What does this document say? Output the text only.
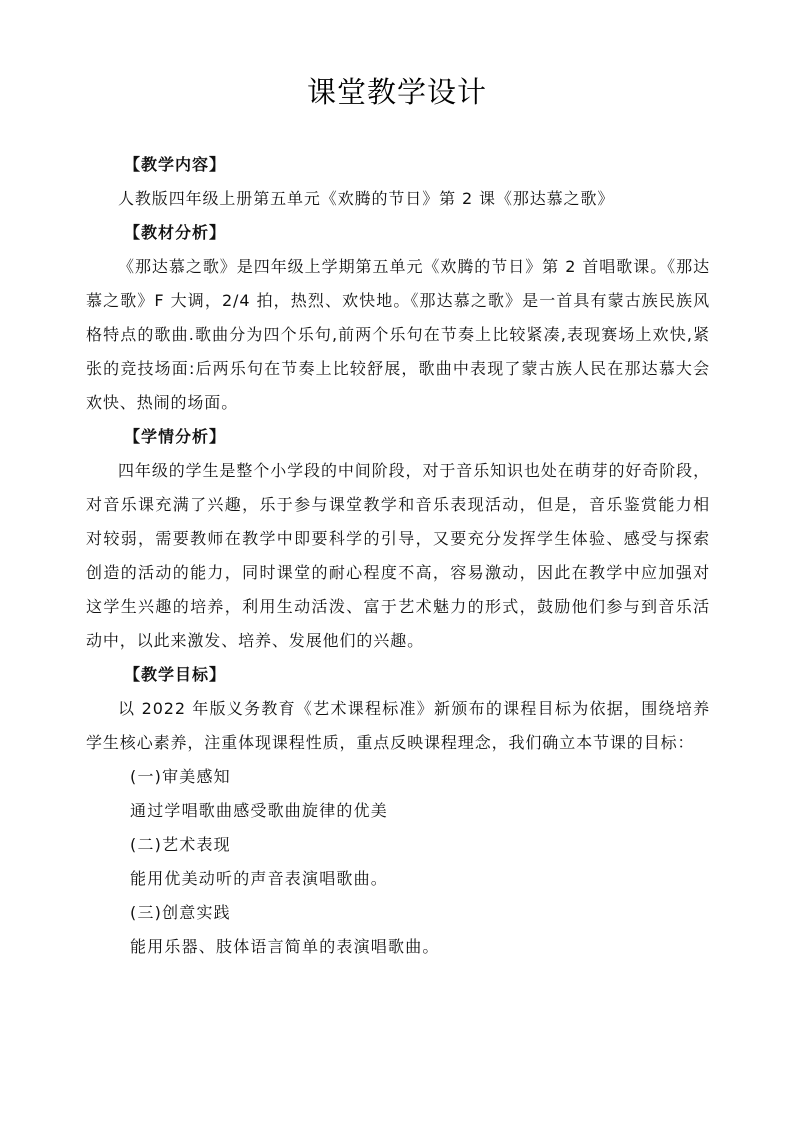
课堂教学设计

【教学内容】

人教版四年级上册第五单元《欢腾的节日》第 2 课《那达慕之歌》

【教材分析】

《那达慕之歌》是四年级上学期第五单元《欢腾的节日》第 2 首唱歌课。《那达慕之歌》F 大调，2/4 拍，热烈、欢快地。《那达慕之歌》是一首具有蒙古族民族风格特点的歌曲.歌曲分为四个乐句,前两个乐句在节奏上比较紧凑,表现赛场上欢快,紧张的竞技场面:后两乐句在节奏上比较舒展，歌曲中表现了蒙古族人民在那达慕大会欢快、热闹的场面。

【学情分析】

四年级的学生是整个小学段的中间阶段，对于音乐知识也处在萌芽的好奇阶段，对音乐课充满了兴趣，乐于参与课堂教学和音乐表现活动，但是，音乐鉴赏能力相对较弱，需要教师在教学中即要科学的引导，又要充分发挥学生体验、感受与探索创造的活动的能力，同时课堂的耐心程度不高，容易激动，因此在教学中应加强对这学生兴趣的培养，利用生动活泼、富于艺术魅力的形式，鼓励他们参与到音乐活动中，以此来激发、培养、发展他们的兴趣。

【教学目标】

以 2022 年版义务教育《艺术课程标准》新颁布的课程目标为依据，围绕培养学生核心素养，注重体现课程性质，重点反映课程理念，我们确立本节课的目标：

(一)审美感知

通过学唱歌曲感受歌曲旋律的优美

(二)艺术表现

能用优美动听的声音表演唱歌曲。

(三)创意实践

能用乐器、肢体语言简单的表演唱歌曲。
